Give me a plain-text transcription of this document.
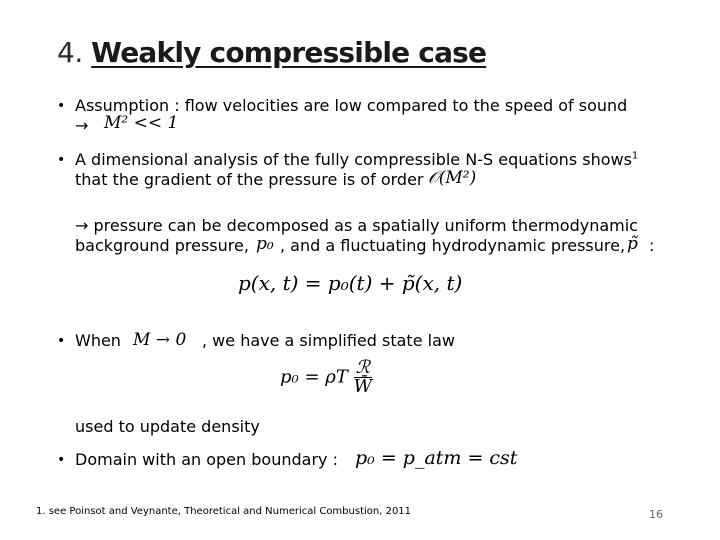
4. Weakly compressible case
• Assumption : flow velocities are low compared to the speed of sound
→ M² << 1
• A dimensional analysis of the fully compressible N-S equations shows$^1$
that the gradient of the pressure is of order 𝒪(M²)
→ pressure can be decomposed as a spatially uniform thermodynamic
background pressure, p₀ , and a fluctuating hydrodynamic pressure, p̃ :
p(x, t) = p₀(t) + p̃(x, t)
• When M → 0 , we have a simplified state law
p₀ = ρT $\frac{\text{ℛ}}{W̄}$
used to update density
• Domain with an open boundary : p₀ = p_atm = cst
1. see Poinsot and Veynante, Theoretical and Numerical Combustion, 2011	16
